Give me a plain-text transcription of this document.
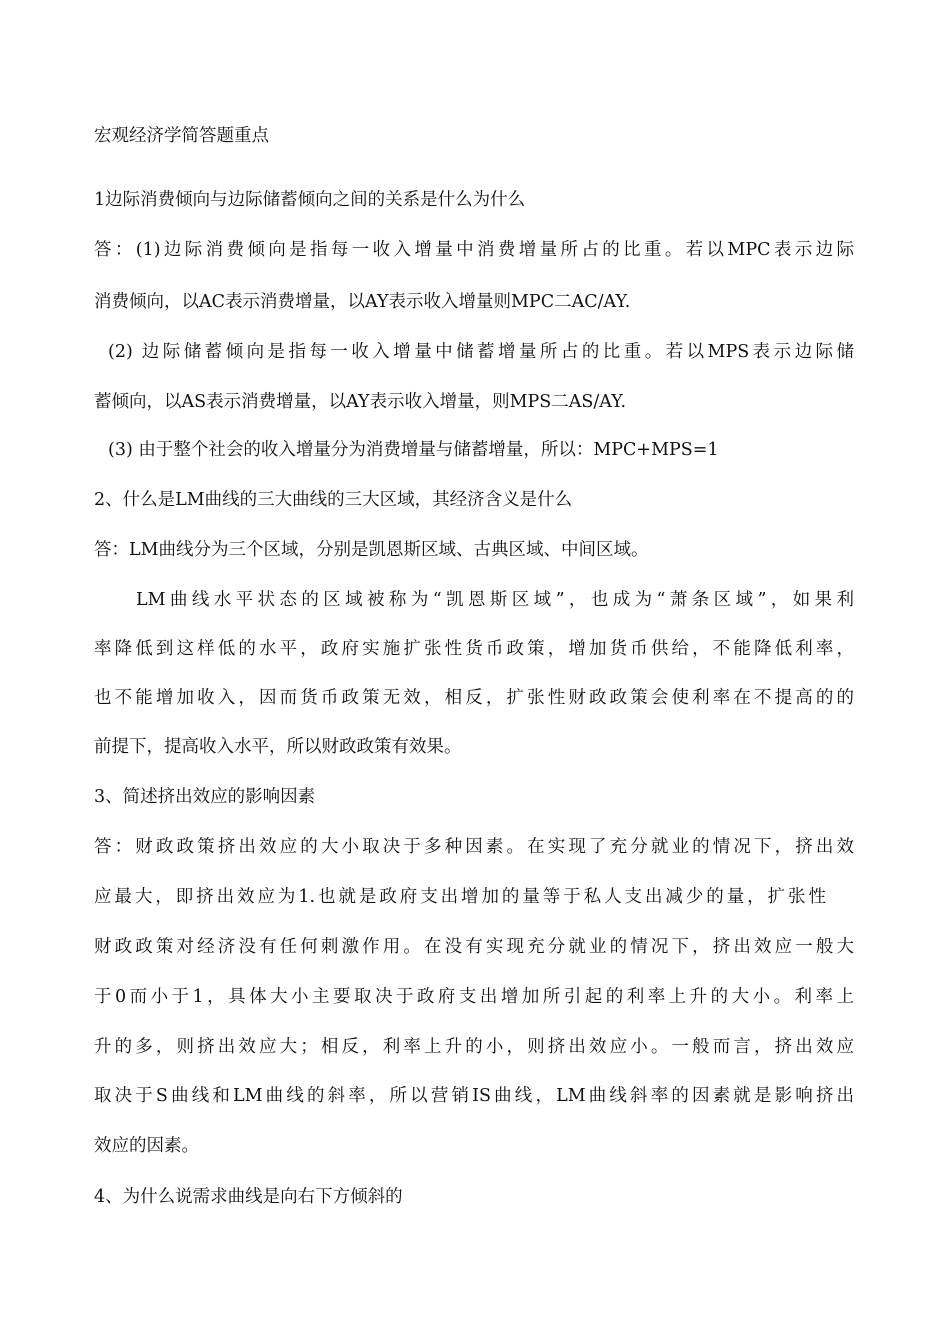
宏观经济学简答题重点
1边际消费倾向与边际储蓄倾向之间的关系是什么为什么
答：(1)边际消费倾向是指每一收入增量中消费增量所占的比重。若以MPC表示边际
消费倾向，以AC表示消费增量，以AY表示收入增量则MPC二AC/AY.
(2) 边际储蓄倾向是指每一收入增量中储蓄增量所占的比重。若以MPS表示边际储
蓄倾向，以AS表示消费增量，以AY表示收入增量，则MPS二AS/AY.
(3) 由于整个社会的收入增量分为消费增量与储蓄增量，所以：MPC+MPS=1
2、什么是LM曲线的三大曲线的三大区域，其经济含义是什么
答：LM曲线分为三个区域，分别是凯恩斯区域、古典区域、中间区域。
LM曲线水平状态的区域被称为“凯恩斯区域”，也成为“萧条区域”，如果利
率降低到这样低的水平，政府实施扩张性货币政策，增加货币供给，不能降低利率，
也不能增加收入，因而货币政策无效，相反，扩张性财政政策会使利率在不提高的的
前提下，提高收入水平，所以财政政策有效果。
3、简述挤出效应的影响因素
答：财政政策挤出效应的大小取决于多种因素。在实现了充分就业的情况下，挤出效
应最大，即挤出效应为1.也就是政府支出增加的量等于私人支出减少的量，扩张性
财政政策对经济没有任何刺激作用。在没有实现充分就业的情况下，挤出效应一般大
于0而小于1，具体大小主要取决于政府支出增加所引起的利率上升的大小。利率上
升的多，则挤出效应大；相反，利率上升的小，则挤出效应小。一般而言，挤出效应
取决于S曲线和LM曲线的斜率，所以营销IS曲线，LM曲线斜率的因素就是影响挤出
效应的因素。
4、为什么说需求曲线是向右下方倾斜的
